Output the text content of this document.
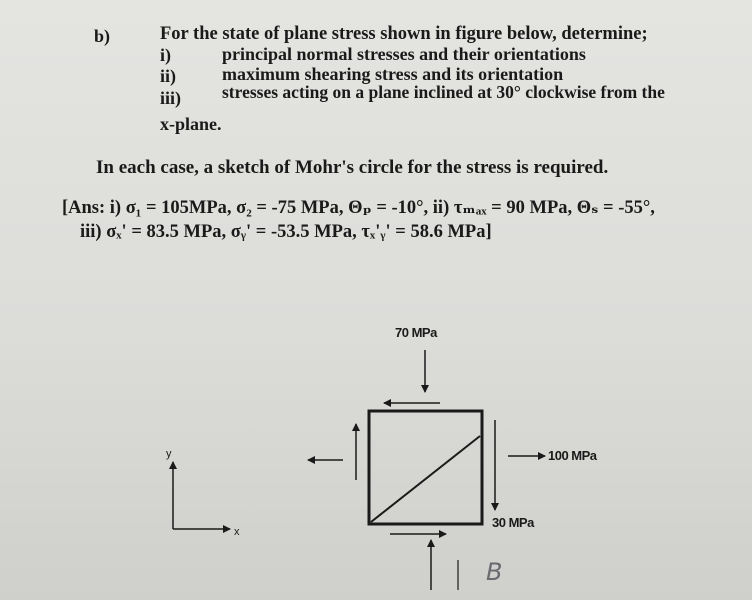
b)	For the state of plane stress shown in figure below, determine;
i)	principal normal stresses and their orientations
ii)	maximum shearing stress and its orientation
iii) stresses acting on a plane inclined at 30° clockwise from the
x-plane.
In each case, a sketch of Mohr's circle for the stress is required.
[Ans: i) σ₁ = 105MPa, σ₂ = -75 MPa, Θₚ = -10°, ii) τₘₐₓ = 90 MPa, Θₛ = -55°,
iii) σₓ' = 83.5 MPa, σᵧ' = -53.5 MPa, τₓ'ᵧ' = 58.6 MPa]
70 MPa
100 MPa
30 MPa
y
x
B
